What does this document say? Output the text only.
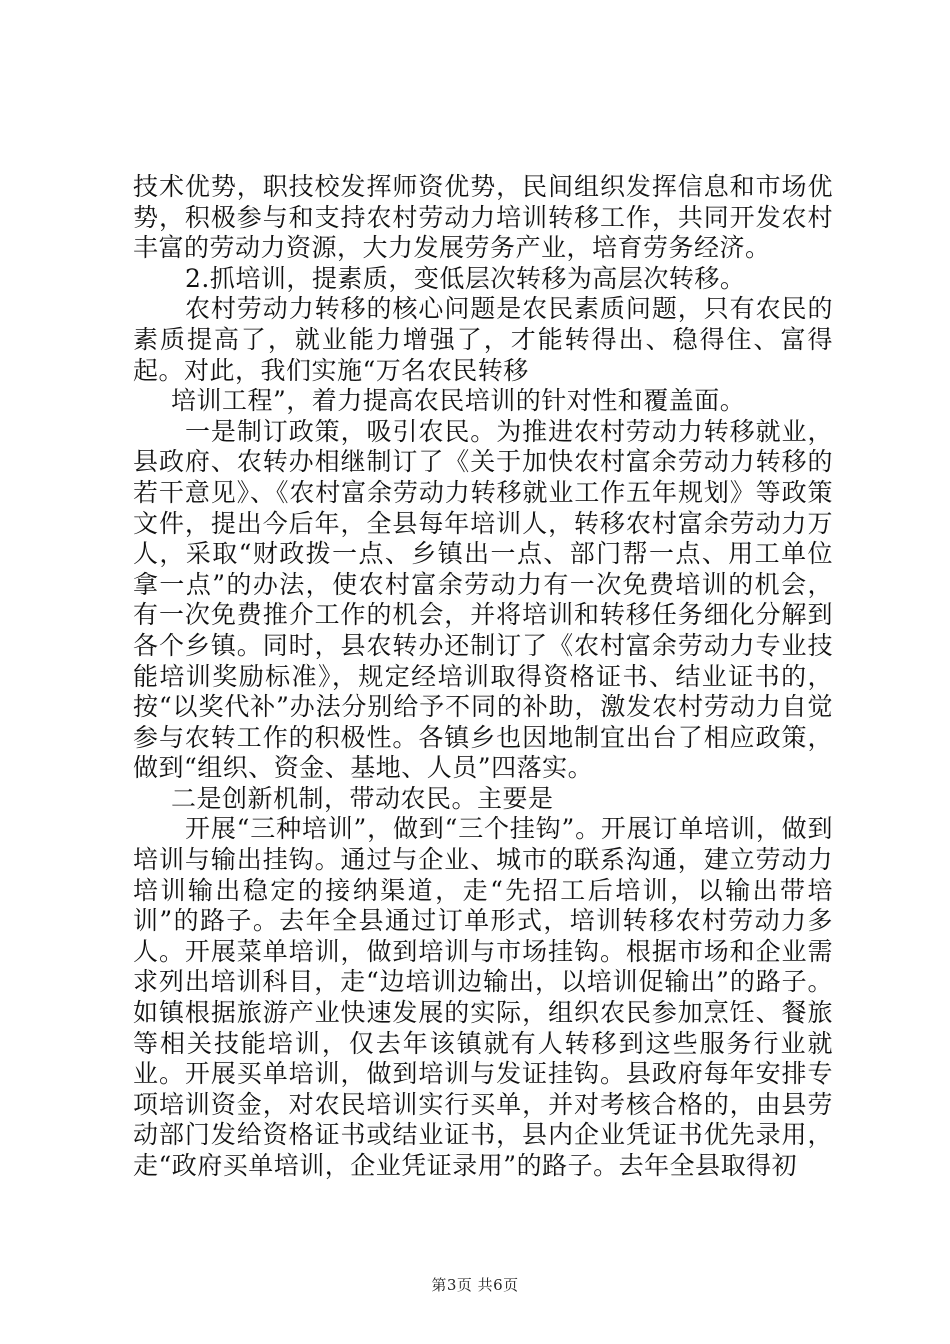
技术优势，职技校发挥师资优势，民间组织发挥信息和市场优势，积极参与和支持农村劳动力培训转移工作，共同开发农村丰富的劳动力资源，大力发展劳务产业，培育劳务经济。

2.抓培训，提素质，变低层次转移为高层次转移。

农村劳动力转移的核心问题是农民素质问题，只有农民的素质提高了，就业能力增强了，才能转得出、稳得住、富得起。对此，我们实施“万名农民转移

培训工程”，着力提高农民培训的针对性和覆盖面。

一是制订政策，吸引农民。为推进农村劳动力转移就业，县政府、农转办相继制订了《关于加快农村富余劳动力转移的若干意见》、《农村富余劳动力转移就业工作五年规划》等政策文件，提出今后年，全县每年培训人，转移农村富余劳动力万人，采取“财政拨一点、乡镇出一点、部门帮一点、用工单位拿一点”的办法，使农村富余劳动力有一次免费培训的机会，有一次免费推介工作的机会，并将培训和转移任务细化分解到各个乡镇。同时，县农转办还制订了《农村富余劳动力专业技能培训奖励标准》，规定经培训取得资格证书、结业证书的，按“以奖代补”办法分别给予不同的补助，激发农村劳动力自觉参与农转工作的积极性。各镇乡也因地制宜出台了相应政策，做到“组织、资金、基地、人员”四落实。

二是创新机制，带动农民。主要是

开展“三种培训”，做到“三个挂钩”。开展订单培训，做到培训与输出挂钩。通过与企业、城市的联系沟通，建立劳动力培训输出稳定的接纳渠道，走“先招工后培训，以输出带培训”的路子。去年全县通过订单形式，培训转移农村劳动力多人。开展菜单培训，做到培训与市场挂钩。根据市场和企业需求列出培训科目，走“边培训边输出，以培训促输出”的路子。如镇根据旅游产业快速发展的实际，组织农民参加烹饪、餐旅等相关技能培训，仅去年该镇就有人转移到这些服务行业就业。开展买单培训，做到培训与发证挂钩。县政府每年安排专项培训资金，对农民培训实行买单，并对考核合格的，由县劳动部门发给资格证书或结业证书，县内企业凭证书优先录用，走“政府买单培训，企业凭证录用”的路子。去年全县取得初

第3页 共6页
